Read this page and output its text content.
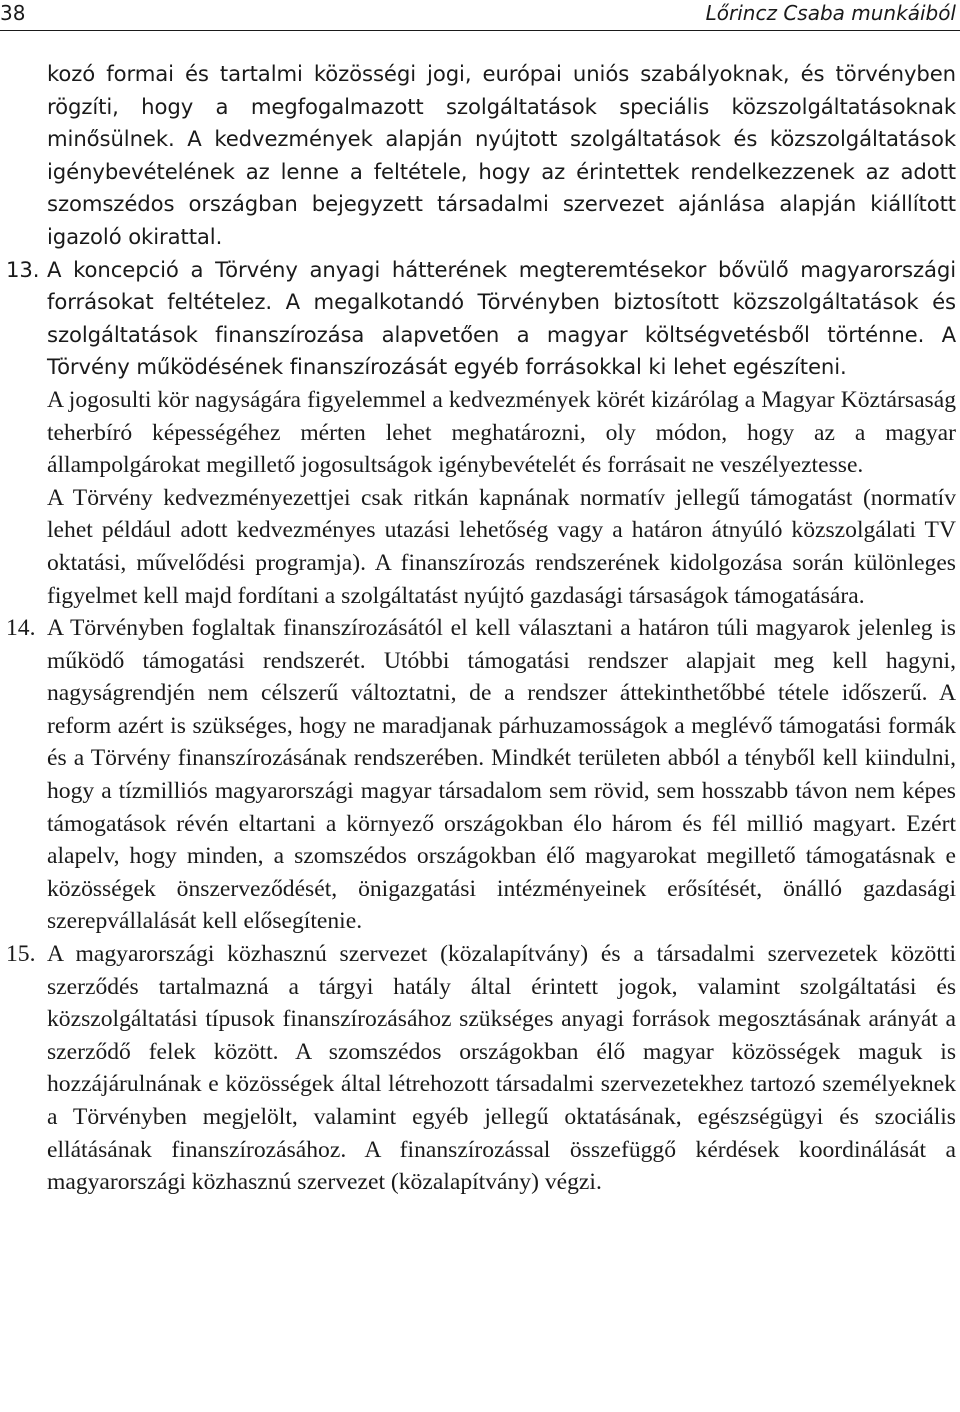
38	Lőrincz Csaba munkáiból
kozó formai és tartalmi közösségi jogi, európai uniós szabályoknak, és törvényben rögzíti, hogy a megfogalmazott szolgáltatások speciális közszolgáltatásoknak minősülnek. A kedvezmények alapján nyújtott szolgáltatások és közszolgáltatások igénybevételének az lenne a feltétele, hogy az érintettek rendelkezzenek az adott szomszédos országban bejegyzett társadalmi szervezet ajánlása alapján kiállított igazoló okirattal.
13. A koncepció a Törvény anyagi hátterének megteremtésekor bővülő magyarországi forrásokat feltételez. A megalkotandó Törvényben biztosított közszolgáltatások és szolgáltatások finanszírozása alapvetően a magyar költségvetésből történne. A Törvény működésének finanszírozását egyéb forrásokkal ki lehet egészíteni.
A jogosulti kör nagyságára figyelemmel a kedvezmények körét kizárólag a Magyar Köztársaság teherbíró képességéhez mérten lehet meghatározni, oly módon, hogy az a magyar állampolgárokat megillető jogosultságok igénybevételét és forrásait ne veszélyeztesse.
A Törvény kedvezményezettjei csak ritkán kapnának normatív jellegű támogatást (normatív lehet például adott kedvezményes utazási lehetőség vagy a határon átnyúló közszolgálati TV oktatási, művelődési programja). A finanszírozás rendszerének kidolgozása során különleges figyelmet kell majd fordítani a szolgáltatást nyújtó gazdasági társaságok támogatására.
14. A Törvényben foglaltak finanszírozásától el kell választani a határon túli magyarok jelenleg is működő támogatási rendszerét. Utóbbi támogatási rendszer alapjait meg kell hagyni, nagyságrendjén nem célszerű változtatni, de a rendszer áttekinthetőbbé tétele időszerű. A reform azért is szükséges, hogy ne maradjanak párhuzamosságok a meglévő támogatási formák és a Törvény finanszírozásának rendszerében. Mindkét területen abból a tényből kell kiindulni, hogy a tízmilliós magyarországi magyar társadalom sem rövid, sem hosszabb távon nem képes támogatások révén eltartani a környező országokban élo három és fél millió magyart. Ezért alapelv, hogy minden, a szomszédos országokban élő magyarokat megillető támogatásnak e közösségek önszerveződését, önigazgatási intézményeinek erősítését, önálló gazdasági szerepvállalását kell elősegítenie.
15. A magyarországi közhasznú szervezet (közalapítvány) és a társadalmi szervezetek közötti szerződés tartalmazná a tárgyi hatály által érintett jogok, valamint szolgáltatási és közszolgáltatási típusok finanszírozásához szükséges anyagi források megosztásának arányát a szerződő felek között. A szomszédos országokban élő magyar közösségek maguk is hozzájárulnának e közösségek által létrehozott társadalmi szervezetekhez tartozó személyeknek a Törvényben megjelölt, valamint egyéb jellegű oktatásának, egészségügyi és szociális ellátásának finanszírozásához. A finanszírozással összefüggő kérdések koordinálását a magyarországi közhasznú szervezet (közalapítvány) végzi.
